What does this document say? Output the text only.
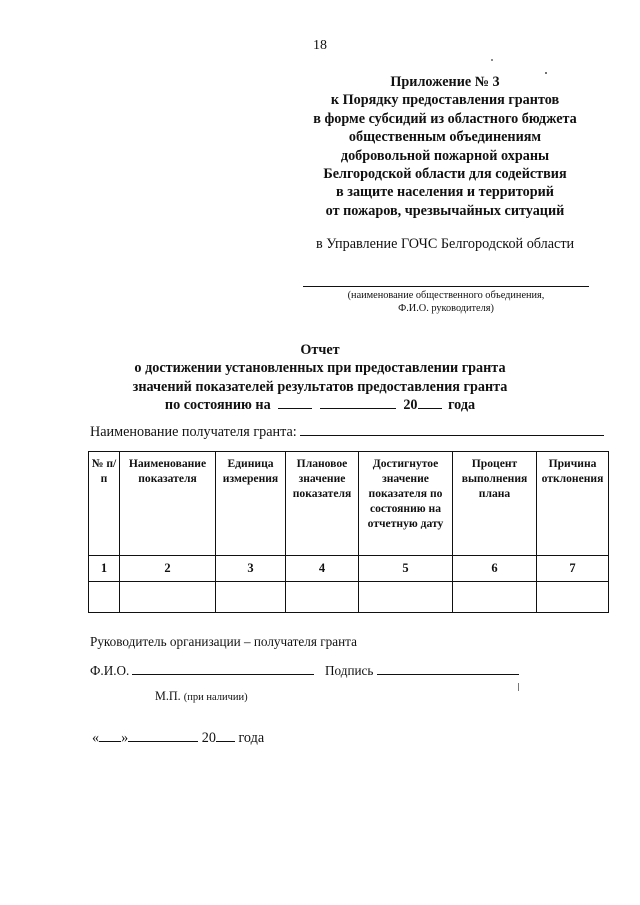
18
Приложение № 3
к Порядку предоставления грантов
в форме субсидий из областного бюджета
общественным объединениям
добровольной пожарной охраны
Белгородской области для содействия
в защите населения и территорий
от пожаров, чрезвычайных ситуаций
в Управление ГОЧС Белгородской области
(наименование общественного объединения,
Ф.И.О. руководителя)
Отчет
о достижении установленных при предоставлении гранта
значений показателей результатов предоставления гранта
по состоянию на	20 года
Наименование получателя гранта:
№ п/п	Наименование показателя	Единица измерения	Плановое значение показателя	Достигнутое значение показателя по состоянию на отчетную дату	Процент выполнения плана	Причина отклонения
1	2	3	4	5	6	7

Руководитель организации – получателя гранта
Ф.И.О.	Подпись
М.П. (при наличии)
« »	20 года
